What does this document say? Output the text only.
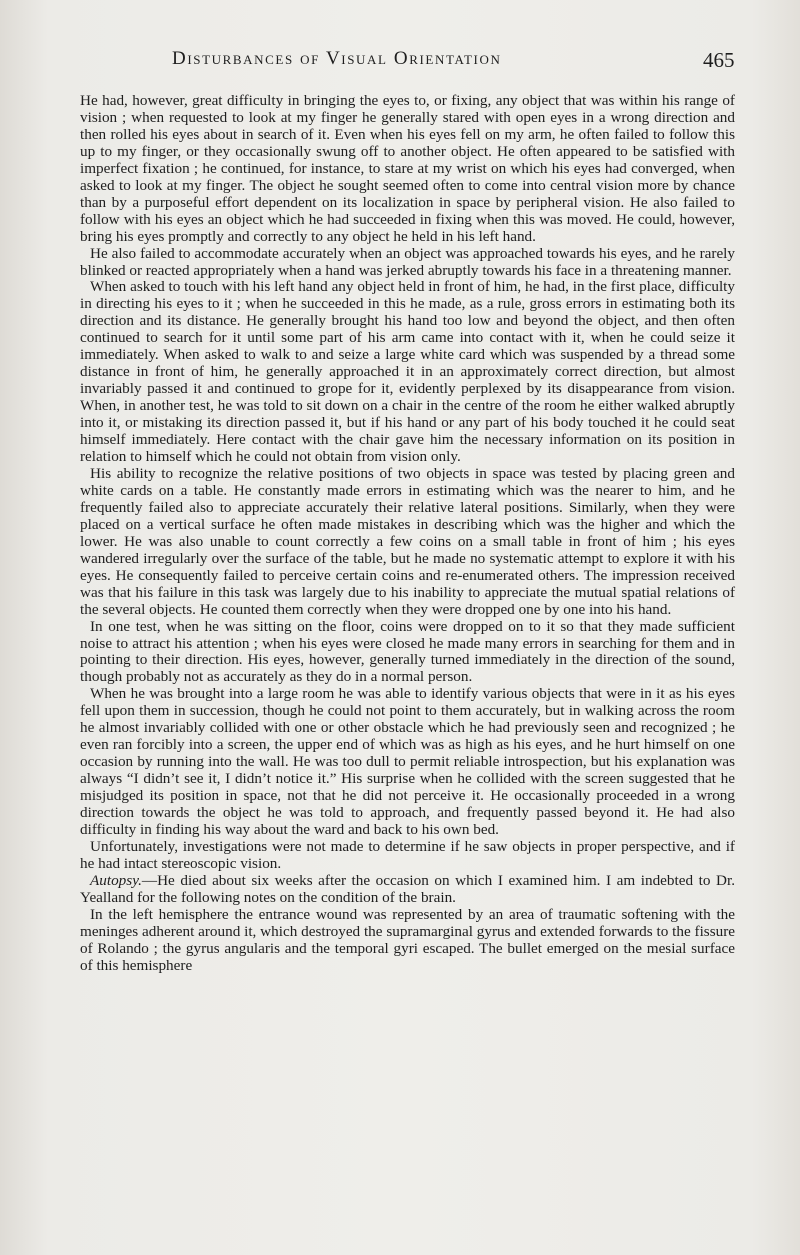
Disturbances of Visual Orientation	465

He had, however, great difficulty in bringing the eyes to, or fixing, any object that was within his range of vision ; when requested to look at my finger he generally stared with open eyes in a wrong direction and then rolled his eyes about in search of it. Even when his eyes fell on my arm, he often failed to follow this up to my finger, or they occasionally swung off to another object. He often appeared to be satisfied with imperfect fixation ; he continued, for instance, to stare at my wrist on which his eyes had converged, when asked to look at my finger. The object he sought seemed often to come into central vision more by chance than by a purposeful effort dependent on its localization in space by peripheral vision. He also failed to follow with his eyes an object which he had succeeded in fixing when this was moved. He could, however, bring his eyes promptly and correctly to any object he held in his left hand.

He also failed to accommodate accurately when an object was approached towards his eyes, and he rarely blinked or reacted appropriately when a hand was jerked abruptly towards his face in a threatening manner.

When asked to touch with his left hand any object held in front of him, he had, in the first place, difficulty in directing his eyes to it ; when he succeeded in this he made, as a rule, gross errors in estimating both its direction and its distance. He generally brought his hand too low and beyond the object, and then often continued to search for it until some part of his arm came into contact with it, when he could seize it immediately. When asked to walk to and seize a large white card which was suspended by a thread some distance in front of him, he generally approached it in an approximately correct direction, but almost invariably passed it and continued to grope for it, evidently perplexed by its disappearance from vision. When, in another test, he was told to sit down on a chair in the centre of the room he either walked abruptly into it, or mistaking its direction passed it, but if his hand or any part of his body touched it he could seat himself immediately. Here contact with the chair gave him the necessary information on its position in relation to himself which he could not obtain from vision only.

His ability to recognize the relative positions of two objects in space was tested by placing green and white cards on a table. He constantly made errors in estimating which was the nearer to him, and he frequently failed also to appreciate accurately their relative lateral positions. Similarly, when they were placed on a vertical surface he often made mistakes in describing which was the higher and which the lower. He was also unable to count correctly a few coins on a small table in front of him ; his eyes wandered irregularly over the surface of the table, but he made no systematic attempt to explore it with his eyes. He consequently failed to perceive certain coins and re-enumerated others. The impression received was that his failure in this task was largely due to his inability to appreciate the mutual spatial relations of the several objects. He counted them correctly when they were dropped one by one into his hand.

In one test, when he was sitting on the floor, coins were dropped on to it so that they made sufficient noise to attract his attention ; when his eyes were closed he made many errors in searching for them and in pointing to their direction. His eyes, however, generally turned immediately in the direction of the sound, though probably not as accurately as they do in a normal person.

When he was brought into a large room he was able to identify various objects that were in it as his eyes fell upon them in succession, though he could not point to them accurately, but in walking across the room he almost invariably collided with one or other obstacle which he had previously seen and recognized ; he even ran forcibly into a screen, the upper end of which was as high as his eyes, and he hurt himself on one occasion by running into the wall. He was too dull to permit reliable introspection, but his explanation was always “I didn’t see it, I didn’t notice it.” His surprise when he collided with the screen suggested that he misjudged its position in space, not that he did not perceive it. He occasionally proceeded in a wrong direction towards the object he was told to approach, and frequently passed beyond it. He had also difficulty in finding his way about the ward and back to his own bed.

Unfortunately, investigations were not made to determine if he saw objects in proper perspective, and if he had intact stereoscopic vision.

Autopsy.—He died about six weeks after the occasion on which I examined him. I am indebted to Dr. Yealland for the following notes on the condition of the brain.

In the left hemisphere the entrance wound was represented by an area of traumatic softening with the meninges adherent around it, which destroyed the supramarginal gyrus and extended forwards to the fissure of Rolando ; the gyrus angularis and the temporal gyri escaped. The bullet emerged on the mesial surface of this hemisphere
